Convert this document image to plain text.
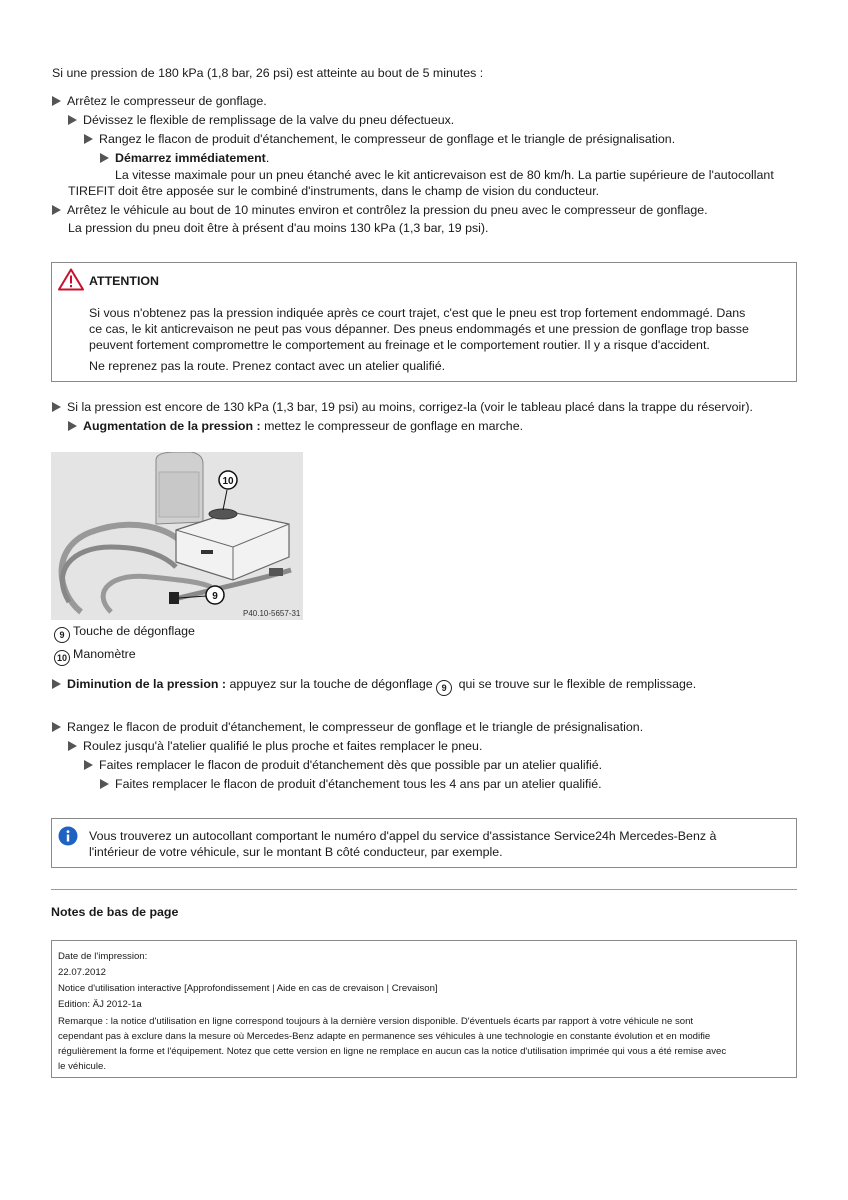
Si une pression de 180 kPa (1,8 bar, 26 psi) est atteinte au bout de 5 minutes :
Arrêtez le compresseur de gonflage.
Dévissez le flexible de remplissage de la valve du pneu défectueux.
Rangez le flacon de produit d'étanchement, le compresseur de gonflage et le triangle de présignalisation.
Démarrez immédiatement.
La vitesse maximale pour un pneu étanché avec le kit anticrevaison est de 80 km/h. La partie supérieure de l'autocollant
TIREFIT doit être apposée sur le combiné d'instruments, dans le champ de vision du conducteur.
Arrêtez le véhicule au bout de 10 minutes environ et contrôlez la pression du pneu avec le compresseur de gonflage.
La pression du pneu doit être à présent d'au moins 130 kPa (1,3 bar, 19 psi).
ATTENTION
Si vous n'obtenez pas la pression indiquée après ce court trajet, c'est que le pneu est trop fortement endommagé. Dans
ce cas, le kit anticrevaison ne peut pas vous dépanner. Des pneus endommagés et une pression de gonflage trop basse
peuvent fortement compromettre le comportement au freinage et le comportement routier. Il y a risque d'accident.
Ne reprenez pas la route. Prenez contact avec un atelier qualifié.
Si la pression est encore de 130 kPa (1,3 bar, 19 psi) au moins, corrigez-la (voir le tableau placé dans la trappe du réservoir).
Augmentation de la pression : mettez le compresseur de gonflage en marche.
10
9
P40.10-5657-31
9 Touche de dégonflage
10 Manomètre
Diminution de la pression : appuyez sur la touche de dégonflage 9 qui se trouve sur le flexible de remplissage.
Rangez le flacon de produit d'étanchement, le compresseur de gonflage et le triangle de présignalisation.
Roulez jusqu'à l'atelier qualifié le plus proche et faites remplacer le pneu.
Faites remplacer le flacon de produit d'étanchement dès que possible par un atelier qualifié.
Faites remplacer le flacon de produit d'étanchement tous les 4 ans par un atelier qualifié.
Vous trouverez un autocollant comportant le numéro d'appel du service d'assistance Service24h Mercedes-Benz à
l'intérieur de votre véhicule, sur le montant B côté conducteur, par exemple.
Notes de bas de page
Date de l'impression:
22.07.2012
Notice d'utilisation interactive [Approfondissement | Aide en cas de crevaison | Crevaison]
Edition: ÄJ 2012-1a
Remarque : la notice d'utilisation en ligne correspond toujours à la dernière version disponible. D'éventuels écarts par rapport à votre véhicule ne sont
cependant pas à exclure dans la mesure où Mercedes-Benz adapte en permanence ses véhicules à une technologie en constante évolution et en modifie
régulièrement la forme et l'équipement. Notez que cette version en ligne ne remplace en aucun cas la notice d'utilisation imprimée qui vous a été remise avec
le véhicule.
